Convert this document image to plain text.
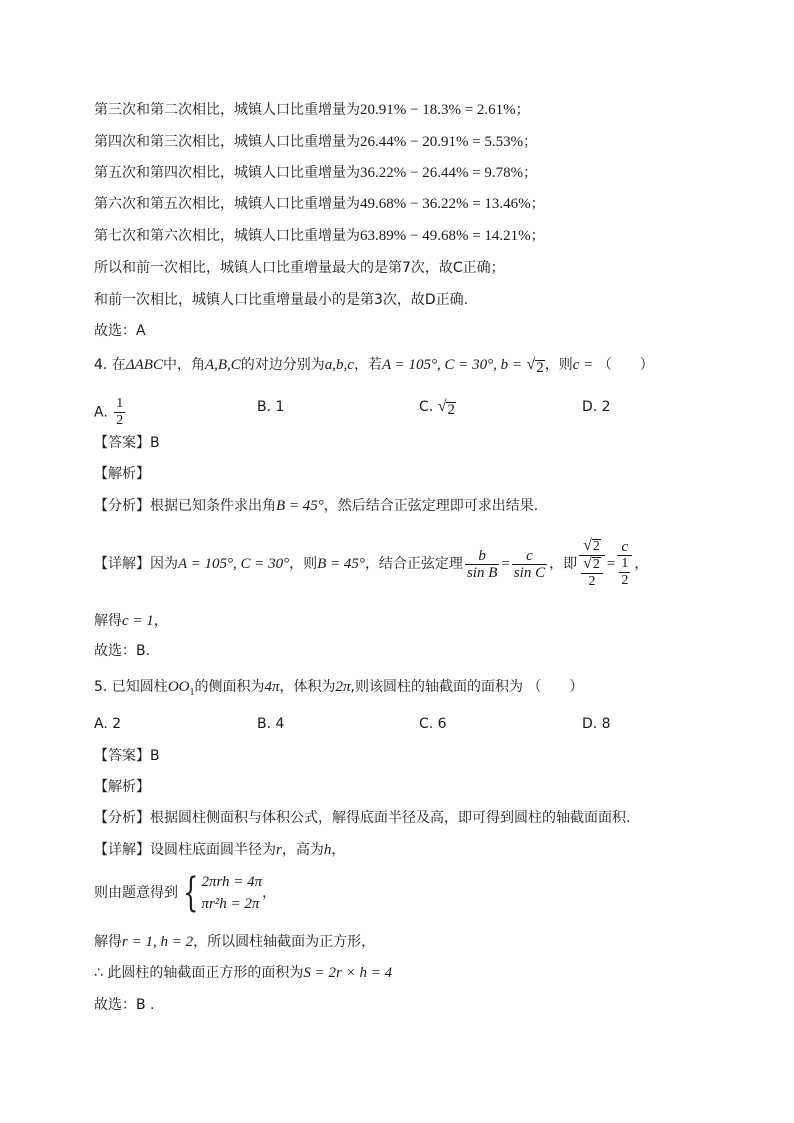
第三次和第二次相比，城镇人口比重增量为20.91% − 18.3% = 2.61%；
第四次和第三次相比，城镇人口比重增量为26.44% − 20.91% = 5.53%；
第五次和第四次相比，城镇人口比重增量为36.22% − 26.44% = 9.78%；
第六次和第五次相比，城镇人口比重增量为49.68% − 36.22% = 13.46%；
第七次和第六次相比，城镇人口比重增量为63.89% − 49.68% = 14.21%；
所以和前一次相比，城镇人口比重增量最大的是第7次，故C正确；
和前一次相比，城镇人口比重增量最小的是第3次，故D正确.
故选：A
4. 在ΔABC中，角A,B,C的对边分别为a,b,c，若A = 105°, C = 30°, b = √ 2 ，则c = （　　）
A. $\frac{1}{2}$	B. 1	C. √ 2	D. 2
【答案】B
【解析】
【分析】根据已知条件求出角B = 45°，然后结合正弦定理即可求出结果.
【详解】因为 A = 105°, C = 30° ，则 B = 45° ，结合正弦定理 $\frac{b}{\text{sin B}} = \frac{c}{\text{sin C}}$ ，即 $\frac{√ 2}{\frac{√ 2}{2}} = \frac{c}{\frac{1}{2}}$ ，
解得c = 1，
故选：B.
5. 已知圆柱$OO_1$的侧面积为4π，体积为2π,则该圆柱的轴截面的面积为 （　　）
A. 2	B. 4	C. 6	D. 8
【答案】B
【解析】
【分析】根据圆柱侧面积与体积公式，解得底面半径及高，即可得到圆柱的轴截面面积.
【详解】设圆柱底面圆半径为r，高为h，
则由题意得到 { 2πrh = 4π
πr²h = 2π
，
解得r = 1, h = 2，所以圆柱轴截面为正方形，
∴ 此圆柱的轴截面正方形的面积为S = 2r × h = 4
故选：B .
